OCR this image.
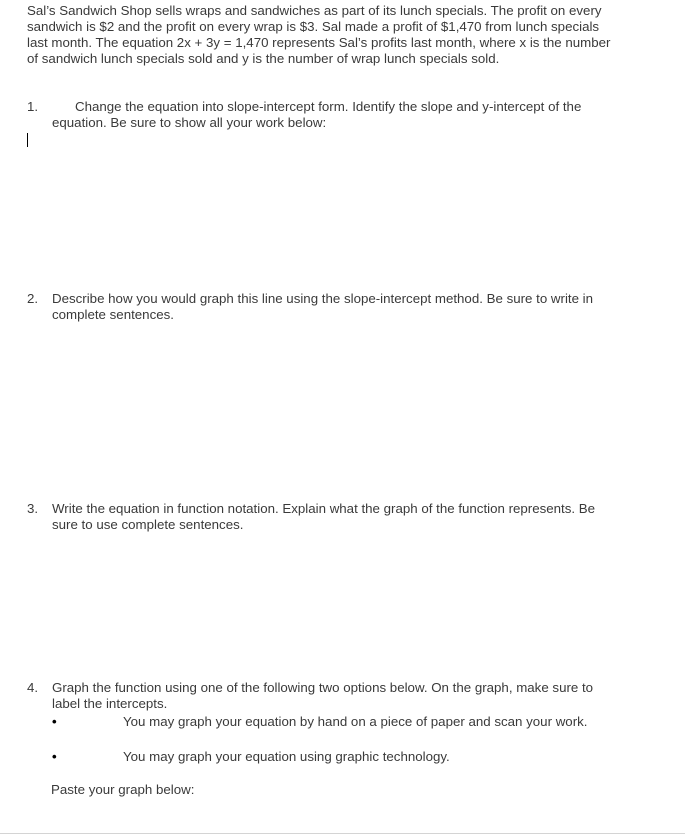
Sal’s Sandwich Shop sells wraps and sandwiches as part of its lunch specials. The profit on every sandwich is $2 and the profit on every wrap is $3. Sal made a profit of $1,470 from lunch specials last month. The equation 2x + 3y = 1,470 represents Sal’s profits last month, where x is the number of sandwich lunch specials sold and y is the number of wrap lunch specials sold.

1.	Change the equation into slope-intercept form. Identify the slope and y-intercept of the equation. Be sure to show all your work below:
2. Describe how you would graph this line using the slope-intercept method. Be sure to write in complete sentences.
3. Write the equation in function notation. Explain what the graph of the function represents. Be sure to use complete sentences.
4. Graph the function using one of the following two options below. On the graph, make sure to label the intercepts.
•	You may graph your equation by hand on a piece of paper and scan your work.
•	You may graph your equation using graphic technology.
Paste your graph below:
